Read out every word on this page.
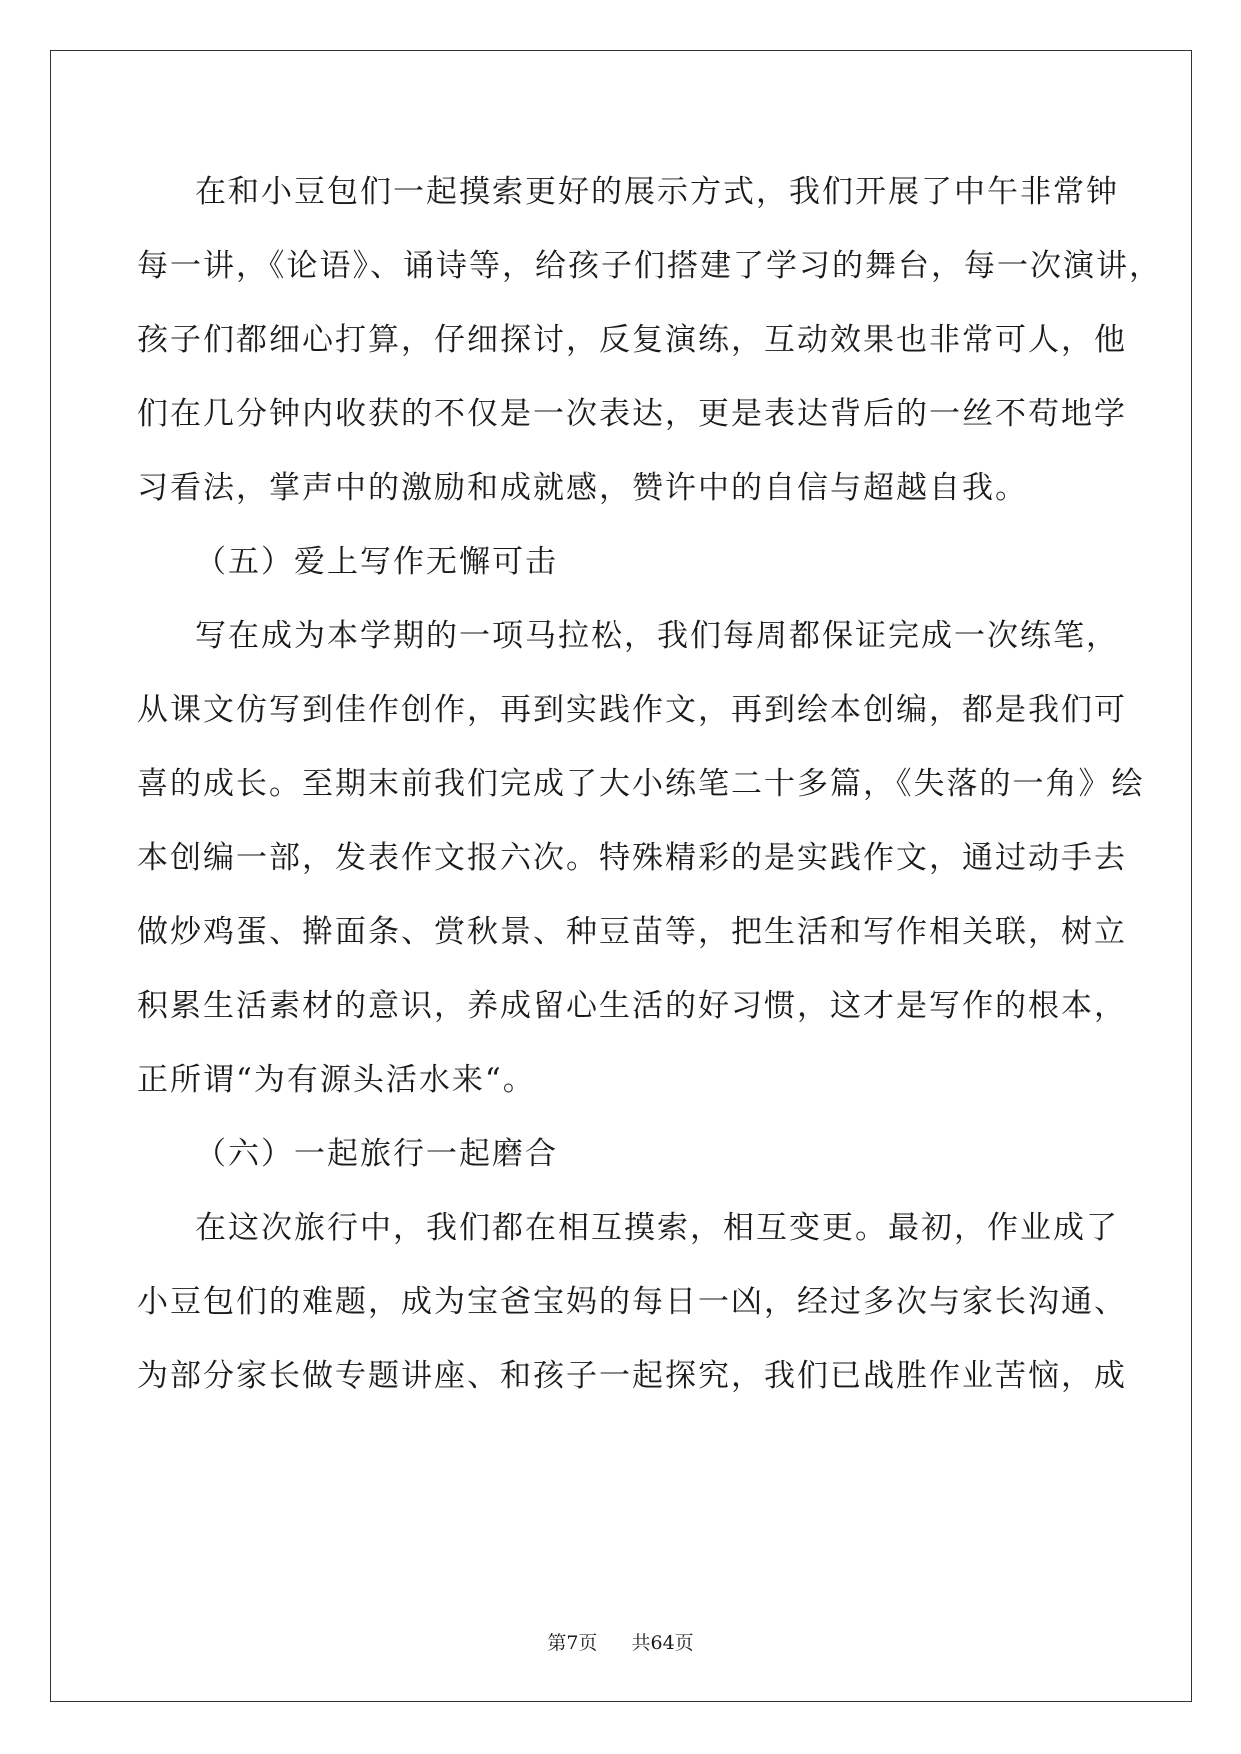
在和小豆包们一起摸索更好的展示方式，我们开展了中午非常钟
每一讲，《论语》、诵诗等，给孩子们搭建了学习的舞台，每一次演讲，
孩子们都细心打算，仔细探讨，反复演练，互动效果也非常可人，他
们在几分钟内收获的不仅是一次表达，更是表达背后的一丝不苟地学
习看法，掌声中的激励和成就感，赞许中的自信与超越自我。
（五）爱上写作无懈可击
写在成为本学期的一项马拉松，我们每周都保证完成一次练笔，
从课文仿写到佳作创作，再到实践作文，再到绘本创编，都是我们可
喜的成长。至期末前我们完成了大小练笔二十多篇，《失落的一角》绘
本创编一部，发表作文报六次。特殊精彩的是实践作文，通过动手去
做炒鸡蛋、擀面条、赏秋景、种豆苗等，把生活和写作相关联，树立
积累生活素材的意识，养成留心生活的好习惯，这才是写作的根本，
正所谓“为有源头活水来“。
（六）一起旅行一起磨合
在这次旅行中，我们都在相互摸索，相互变更。最初，作业成了
小豆包们的难题，成为宝爸宝妈的每日一凶，经过多次与家长沟通、
为部分家长做专题讲座、和孩子一起探究，我们已战胜作业苦恼，成
第7页 共64页
